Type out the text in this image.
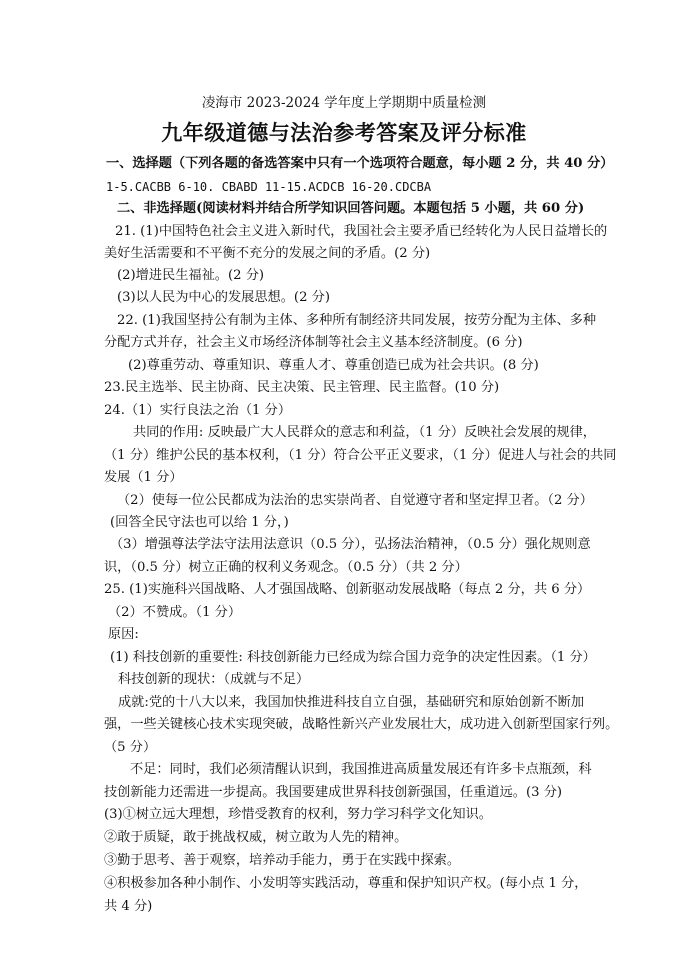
凌海市 2023-2024 学年度上学期期中质量检测
九年级道德与法治参考答案及评分标准
一、选择题（下列各题的备选答案中只有一个选项符合题意，每小题 2 分，共 40 分）
1-5.CACBB 6-10. CBABD 11-15.ACDCB 16-20.CDCBA
二、非选择题(阅读材料并结合所学知识回答问题。本题包括 5 小题，共 60 分)
21. (1)中国特色社会主义进入新时代，我国社会主要矛盾已经转化为人民日益增长的
美好生活需要和不平衡不充分的发展之间的矛盾。(2 分)
(2)增进民生福祉。(2 分)
(3)以人民为中心的发展思想。(2 分)
22. (1)我国坚持公有制为主体、多种所有制经济共同发展，按劳分配为主体、多种
分配方式并存，社会主义市场经济体制等社会主义基本经济制度。(6 分)
(2)尊重劳动、尊重知识、尊重人才、尊重创造已成为社会共识。(8 分)
23.民主选举、民主协商、民主决策、民主管理、民主监督。(10 分)
24.（1）实行良法之治（1 分）
共同的作用: 反映最广大人民群众的意志和利益，（1 分）反映社会发展的规律，
（1 分）维护公民的基本权利，（1 分）符合公平正义要求，（1 分）促进人与社会的共同
发展（1 分）
（2）使每一位公民都成为法治的忠实崇尚者、自觉遵守者和坚定捍卫者。（2 分）
(回答全民守法也可以给 1 分，)
（3）增强尊法学法守法用法意识（0.5 分），弘扬法治精神，（0.5 分）强化规则意
识，（0.5 分）树立正确的权利义务观念。（0.5 分）（共 2 分）
25. (1)实施科兴国战略、人才强国战略、创新驱动发展战略（每点 2 分，共 6 分）
（2）不赞成。（1 分）
原因:
(1) 科技创新的重要性: 科技创新能力已经成为综合国力竞争的决定性因素。（1 分）
科技创新的现状：（成就与不足）
成就:党的十八大以来，我国加快推进科技自立自强，基础研究和原始创新不断加
强，一些关键核心技术实现突破，战略性新兴产业发展壮大，成功进入创新型国家行列。
（5 分）
不足：同时，我们必须清醒认识到，我国推进高质量发展还有许多卡点瓶颈，科
技创新能力还需进一步提高。我国要建成世界科技创新强国，任重道远。(3 分)
(3)①树立远大理想，珍惜受教育的权利，努力学习科学文化知识。
②敢于质疑，敢于挑战权威，树立敢为人先的精神。
③勤于思考、善于观察，培养动手能力，勇于在实践中探索。
④积极参加各种小制作、小发明等实践活动，尊重和保护知识产权。(每小点 1 分，
共 4 分)
